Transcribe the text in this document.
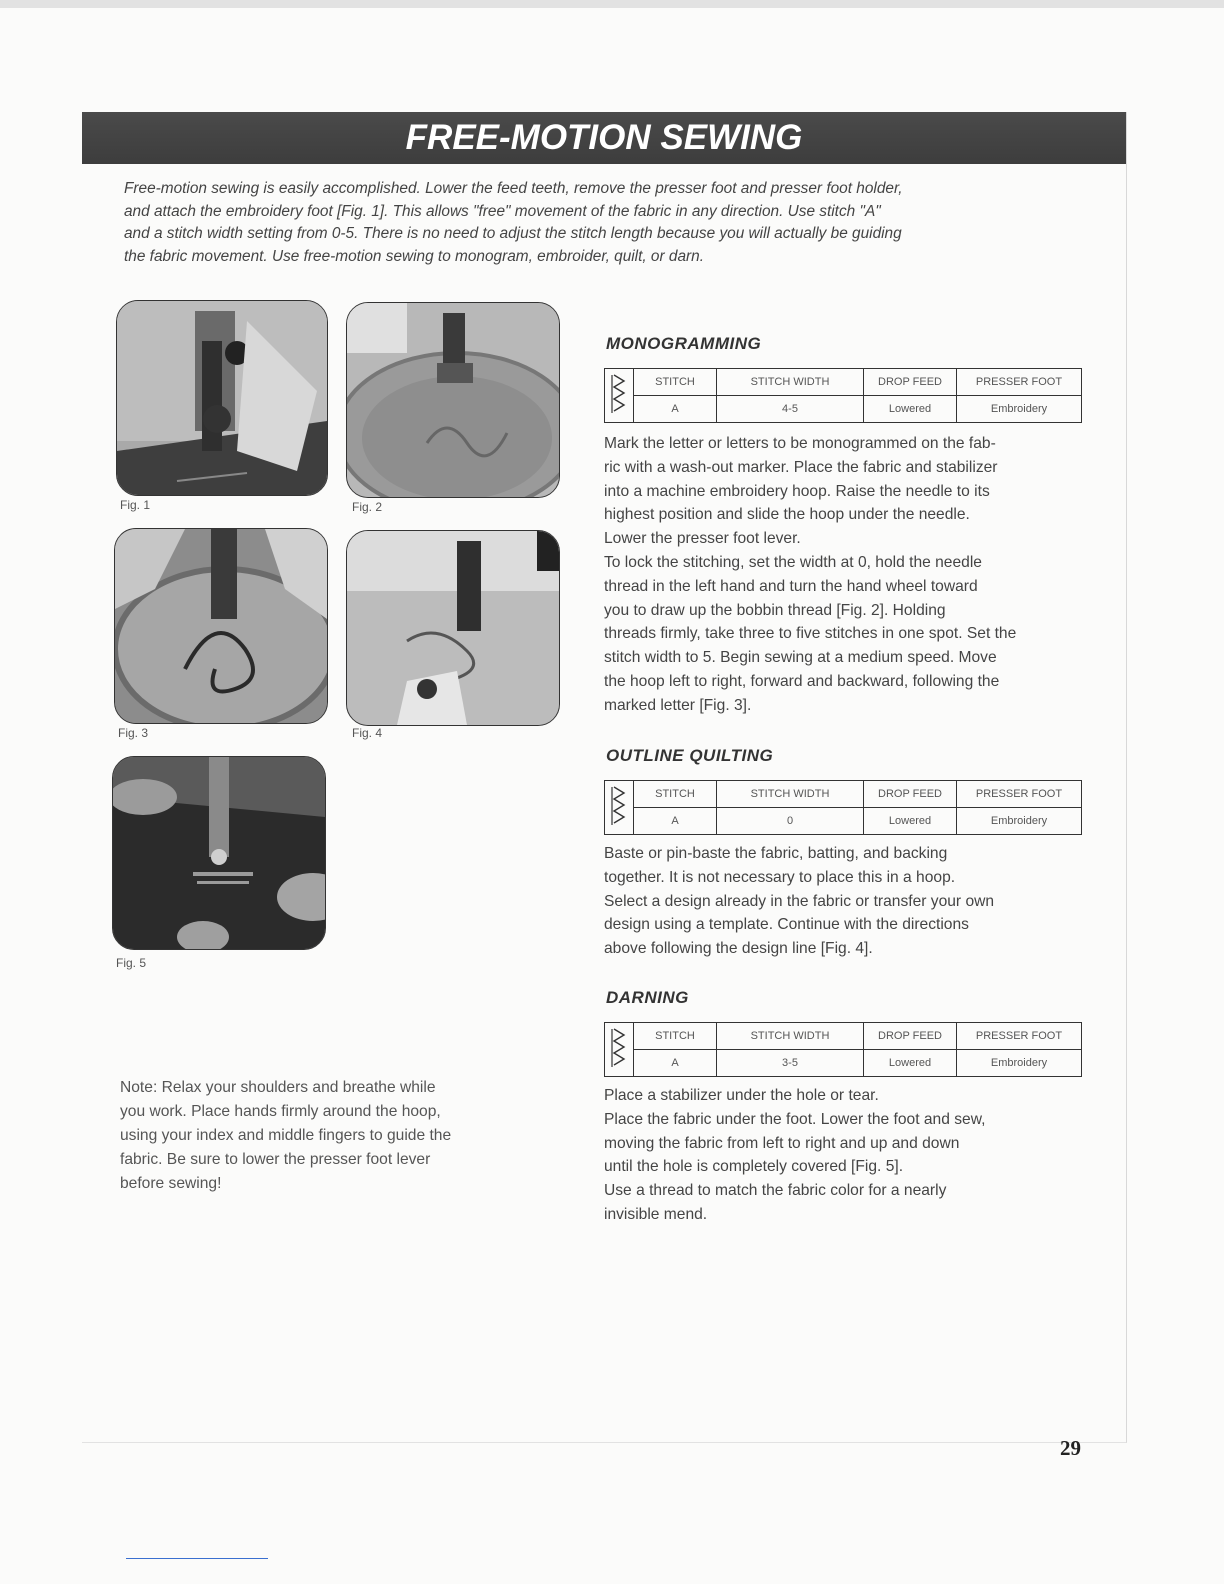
FREE-MOTION SEWING
Free-motion sewing is easily accomplished. Lower the feed teeth, remove the presser foot and presser foot holder,
and attach the embroidery foot [Fig. 1]. This allows "free" movement of the fabric in any direction. Use stitch "A"
and a stitch width setting from 0-5. There is no need to adjust the stitch length because you will actually be guiding
the fabric movement. Use free-motion sewing to monogram, embroider, quilt, or darn.
Fig. 1	Fig. 2
Fig. 3	Fig. 4
Fig. 5
MONOGRAMMING
	STITCH	STITCH WIDTH	DROP FEED	PRESSER FOOT
	A	4-5	Lowered	Embroidery

Mark the letter or letters to be monogrammed on the fab-

ric with a wash-out marker. Place the fabric and stabilizer

into a machine embroidery hoop. Raise the needle to its

highest position and slide the hoop under the needle.

Lower the presser foot lever.

To lock the stitching, set the width at 0, hold the needle

thread in the left hand and turn the hand wheel toward

you to draw up the bobbin thread [Fig. 2]. Holding

threads firmly, take three to five stitches in one spot. Set the

stitch width to 5. Begin sewing at a medium speed. Move

the hoop left to right, forward and backward, following the

marked letter [Fig. 3].

OUTLINE QUILTING
	STITCH	STITCH WIDTH	DROP FEED	PRESSER FOOT
	A	0	Lowered	Embroidery

Baste or pin-baste the fabric, batting, and backing

together. It is not necessary to place this in a hoop.

Select a design already in the fabric or transfer your own

design using a template. Continue with the directions

above following the design line [Fig. 4].

DARNING
	STITCH	STITCH WIDTH	DROP FEED	PRESSER FOOT
	A	3-5	Lowered	Embroidery

Place a stabilizer under the hole or tear.

Place the fabric under the foot. Lower the foot and sew,

moving the fabric from left to right and up and down

until the hole is completely covered [Fig. 5].

Use a thread to match the fabric color for a nearly

invisible mend.

Note: Relax your shoulders and breathe while
you work. Place hands firmly around the hoop,
using your index and middle fingers to guide the
fabric. Be sure to lower the presser foot lever
before sewing!
29
